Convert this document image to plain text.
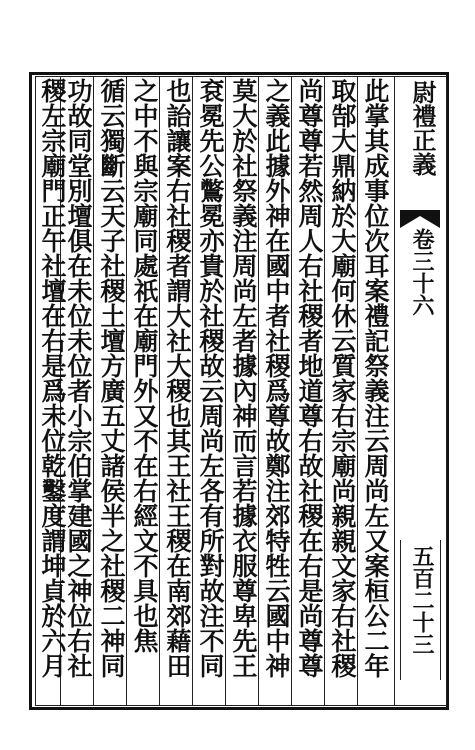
此掌其成事位次耳案禮記祭義注云周尚左又案桓公二年
取郜大鼎納於大廟何休云質家右宗廟尚親親文家右社稷
尚尊尊若然周人右社稷者地道尊右故社稷在右是尚尊尊
之義此據外神在國中者社稷爲尊故鄭注郊特牲云國中神
莫大於社祭義注周尚左者據內神而言若據衣服尊卑先王
袞冕先公鷩冕亦貴於社稷故云周尚左各有所對故注不同
也詒讓案右社稷者謂大社大稷也其王社王稷在南郊藉田
之中不與宗廟同處祇在廟門外又不在右經文不具也焦
循云獨斷云天子社稷土壇方廣五丈諸侯半之社稷二神同
功故同堂別壇俱在未位未位者小宗伯掌建國之神位右社
稷左宗廟門正午社壇在右是爲未位乾鑿度謂坤貞於六月	尉禮正義
卷三十六
五百二十三
